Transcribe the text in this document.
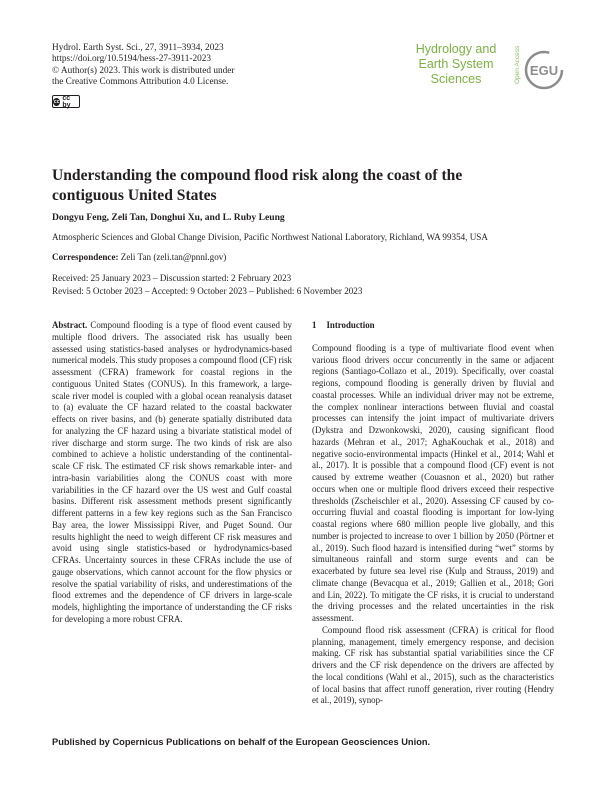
Hydrol. Earth Syst. Sci., 27, 3911–3934, 2023
https://doi.org/10.5194/hess-27-3911-2023
© Author(s) 2023. This work is distributed under
the Creative Commons Attribution 4.0 License.
cc cc by
Hydrology and
Earth System
Sciences	Open Access EGU
Understanding the compound flood risk along the coast of the contiguous United States
Dongyu Feng, Zeli Tan, Donghui Xu, and L. Ruby Leung
Atmospheric Sciences and Global Change Division, Pacific Northwest National Laboratory, Richland, WA 99354, USA
Correspondence: Zeli Tan (zeli.tan@pnnl.gov)
Received: 25 January 2023 – Discussion started: 2 February 2023
Revised: 5 October 2023 – Accepted: 9 October 2023 – Published: 6 November 2023
Abstract. Compound flooding is a type of flood event caused by multiple flood drivers. The associated risk has usually been assessed using statistics-based analyses or hydrodynamics-based numerical models. This study proposes a compound flood (CF) risk assessment (CFRA) framework for coastal regions in the contiguous United States (CONUS). In this framework, a large-scale river model is coupled with a global ocean reanalysis dataset to (a) evaluate the CF hazard related to the coastal backwater effects on river basins, and (b) generate spatially distributed data for analyzing the CF hazard using a bivariate statistical model of river discharge and storm surge. The two kinds of risk are also combined to achieve a holistic understanding of the continental-scale CF risk. The estimated CF risk shows remarkable inter- and intra-basin variabilities along the CONUS coast with more variabilities in the CF hazard over the US west and Gulf coastal basins. Different risk assessment methods present significantly different patterns in a few key regions such as the San Francisco Bay area, the lower Mississippi River, and Puget Sound. Our results highlight the need to weigh different CF risk measures and avoid using single statistics-based or hydrodynamics-based CFRAs. Uncertainty sources in these CFRAs include the use of gauge observations, which cannot account for the flow physics or resolve the spatial variability of risks, and underestimations of the flood extremes and the dependence of CF drivers in large-scale models, highlighting the importance of understanding the CF risks for developing a more robust CFRA.
1 Introduction

Compound flooding is a type of multivariate flood event when various flood drivers occur concurrently in the same or adjacent regions (Santiago-Collazo et al., 2019). Specifically, over coastal regions, compound flooding is generally driven by fluvial and coastal processes. While an individual driver may not be extreme, the complex nonlinear interactions between fluvial and coastal processes can intensify the joint impact of multivariate drivers (Dykstra and Dzwonkowski, 2020), causing significant flood hazards (Mehran et al., 2017; AghaKouchak et al., 2018) and negative socio-environmental impacts (Hinkel et al., 2014; Wahl et al., 2017). It is possible that a compound flood (CF) event is not caused by extreme weather (Couasnon et al., 2020) but rather occurs when one or multiple flood drivers exceed their respective thresholds (Zscheischler et al., 2020). Assessing CF caused by co-occurring fluvial and coastal flooding is important for low-lying coastal regions where 680 million people live globally, and this number is projected to increase to over 1 billion by 2050 (Pörtner et al., 2019). Such flood hazard is intensified during “wet” storms by simultaneous rainfall and storm surge events and can be exacerbated by future sea level rise (Kulp and Strauss, 2019) and climate change (Bevacqua et al., 2019; Gallien et al., 2018; Gori and Lin, 2022). To mitigate the CF risks, it is crucial to understand the driving processes and the related uncertainties in the risk assessment.

Compound flood risk assessment (CFRA) is critical for flood planning, management, timely emergency response, and decision making. CF risk has substantial spatial variabilities since the CF drivers and the CF risk dependence on the drivers are affected by the local conditions (Wahl et al., 2015), such as the characteristics of local basins that affect runoff generation, river routing (Hendry et al., 2019), synop-

Published by Copernicus Publications on behalf of the European Geosciences Union.
